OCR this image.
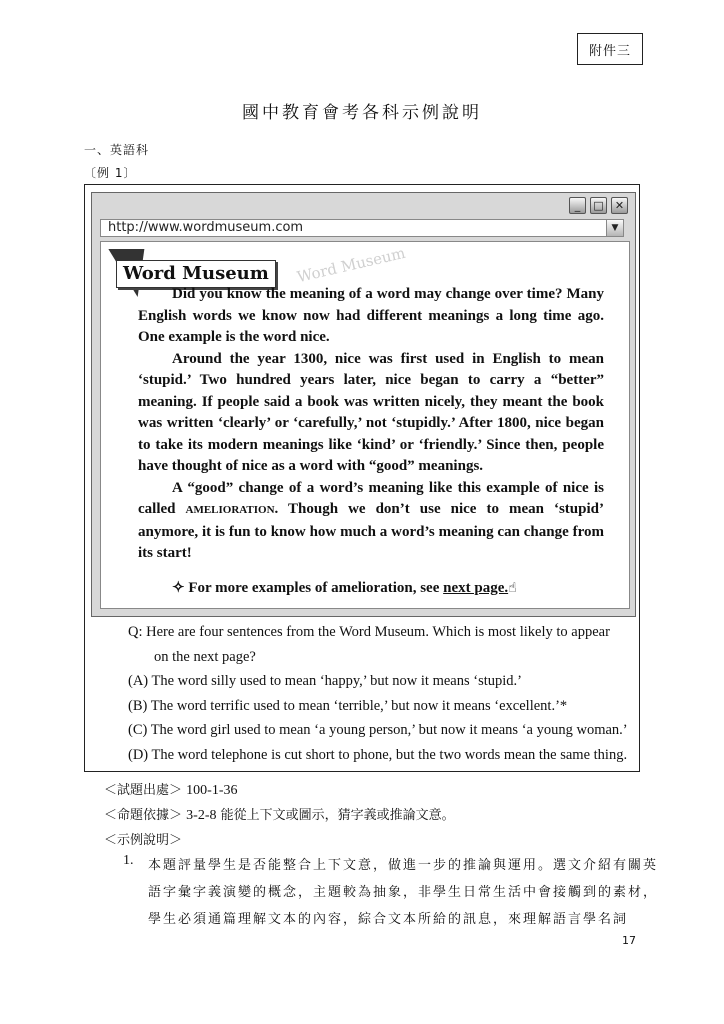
附件三
國中教育會考各科示例說明
一、英語科
〔例 1〕
_	□	✕
http://www.wordmuseum.com	▼
Word Museum
Word Museum

Did you know the meaning of a word may change over time? Many English words we know now had different meanings a long time ago. One example is the word nice.

Around the year 1300, nice was first used in English to mean ‘stupid.’ Two hundred years later, nice began to carry a “better” meaning. If people said a book was written nicely, they meant the book was written ‘clearly’ or ‘carefully,’ not ‘stupidly.’ After 1800, nice began to take its modern meanings like ‘kind’ or ‘friendly.’ Since then, people have thought of nice as a word with “good” meanings.

A “good” change of a word’s meaning like this example of nice is called AMELIORATION. Though we don’t use nice to mean ‘stupid’ anymore, it is fun to know how much a word’s meaning can change from its start!

✧ For more examples of amelioration, see next page.☝

Q: Here are four sentences from the Word Museum. Which is most likely to appear
on the next page?
(A) The word silly used to mean ‘happy,’ but now it means ‘stupid.’
(B) The word terrific used to mean ‘terrible,’ but now it means ‘excellent.’*
(C) The word girl used to mean ‘a young person,’ but now it means ‘a young woman.’
(D) The word telephone is cut short to phone, but the two words mean the same thing.
＜試題出處＞ 100-1-36
＜命題依據＞ 3-2-8 能從上下文或圖示，猜字義或推論文意。
＜示例說明＞
1. 本題評量學生是否能整合上下文意，做進一步的推論與運用。選文介紹有關英
語字彙字義演變的概念，主題較為抽象，非學生日常生活中會接觸到的素材，
學生必須通篇理解文本的內容，綜合文本所給的訊息，來理解語言學名詞
17
